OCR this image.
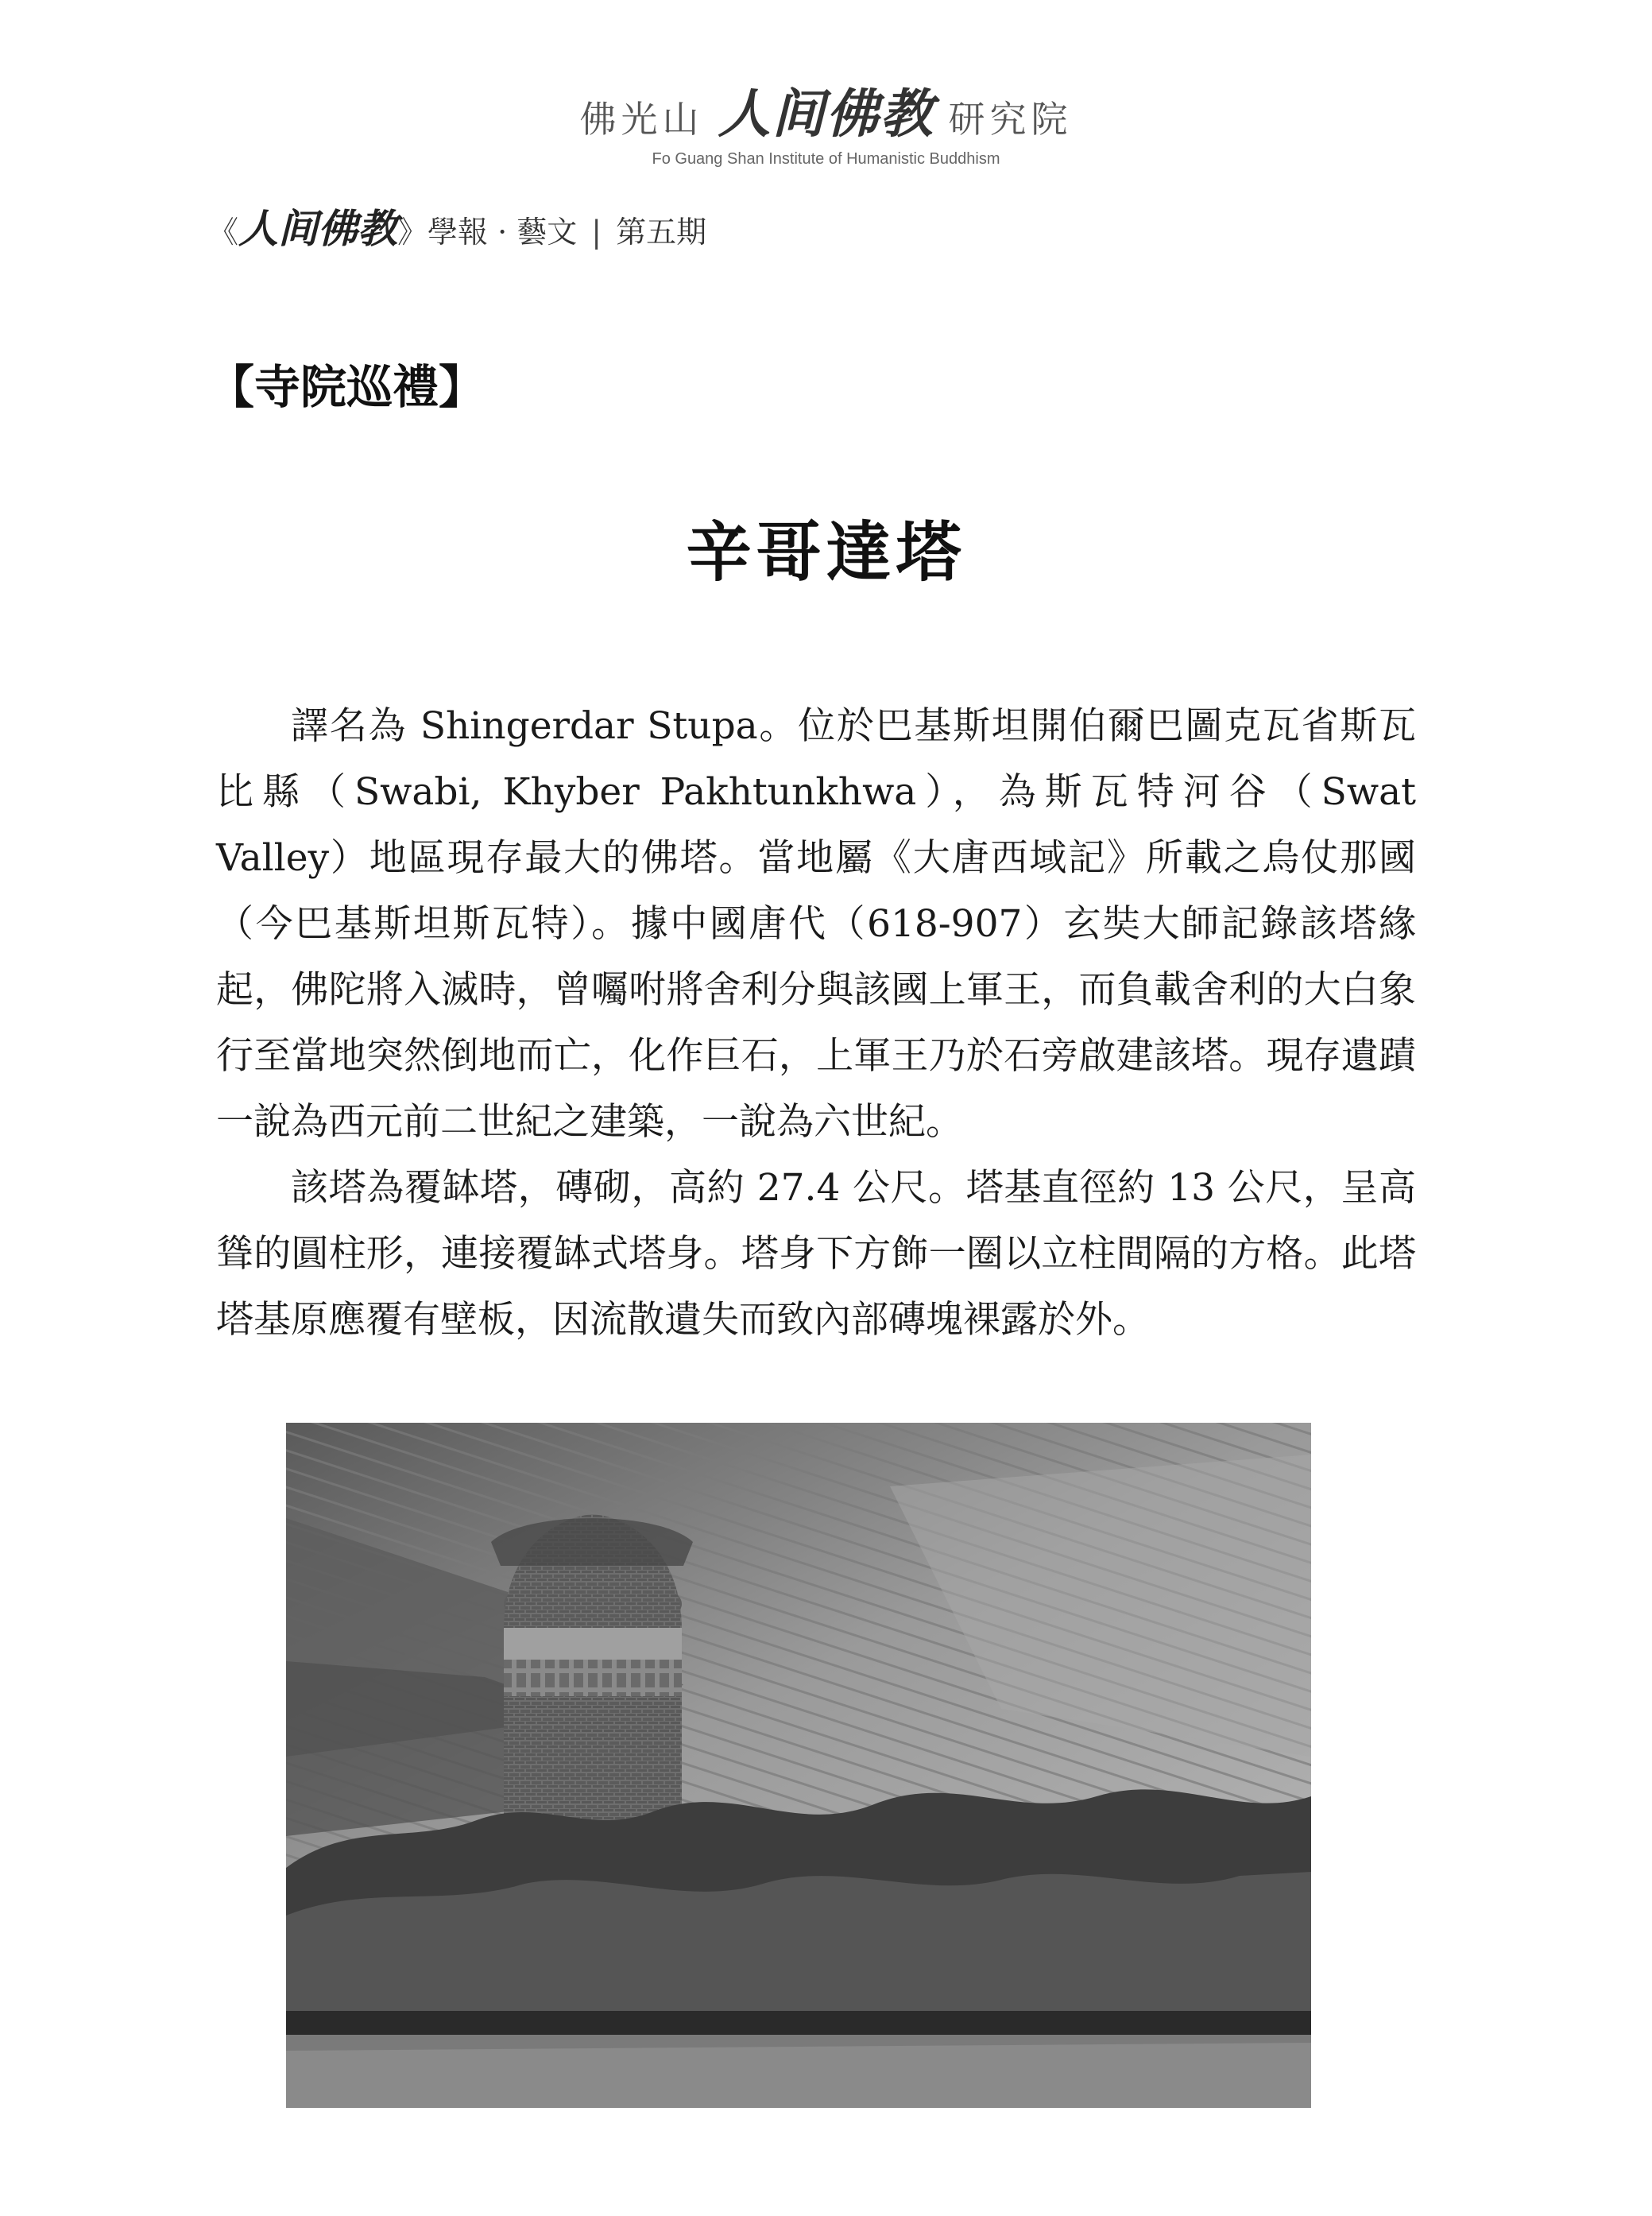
佛光山 人间佛教 研究院
Fo Guang Shan Institute of Humanistic Buddhism
《 人间佛教 》 學報 · 藝文 | 第五期
【寺院巡禮】
辛哥達塔

譯名為 Shingerdar Stupa。位於巴基斯坦開伯爾巴圖克瓦省斯瓦比縣（Swabi, Khyber Pakhtunkhwa），為斯瓦特河谷（Swat Valley）地區現存最大的佛塔。當地屬《大唐西域記》所載之烏仗那國（今巴基斯坦斯瓦特）。據中國唐代（618-907）玄奘大師記錄該塔緣起，佛陀將入滅時，曾囑咐將舍利分與該國上軍王，而負載舍利的大白象行至當地突然倒地而亡，化作巨石，上軍王乃於石旁啟建該塔。現存遺蹟一說為西元前二世紀之建築，一說為六世紀。

該塔為覆缽塔，磚砌，高約 27.4 公尺。塔基直徑約 13 公尺，呈高聳的圓柱形，連接覆缽式塔身。塔身下方飾一圈以立柱間隔的方格。此塔塔基原應覆有壁板，因流散遺失而致內部磚塊裸露於外。
